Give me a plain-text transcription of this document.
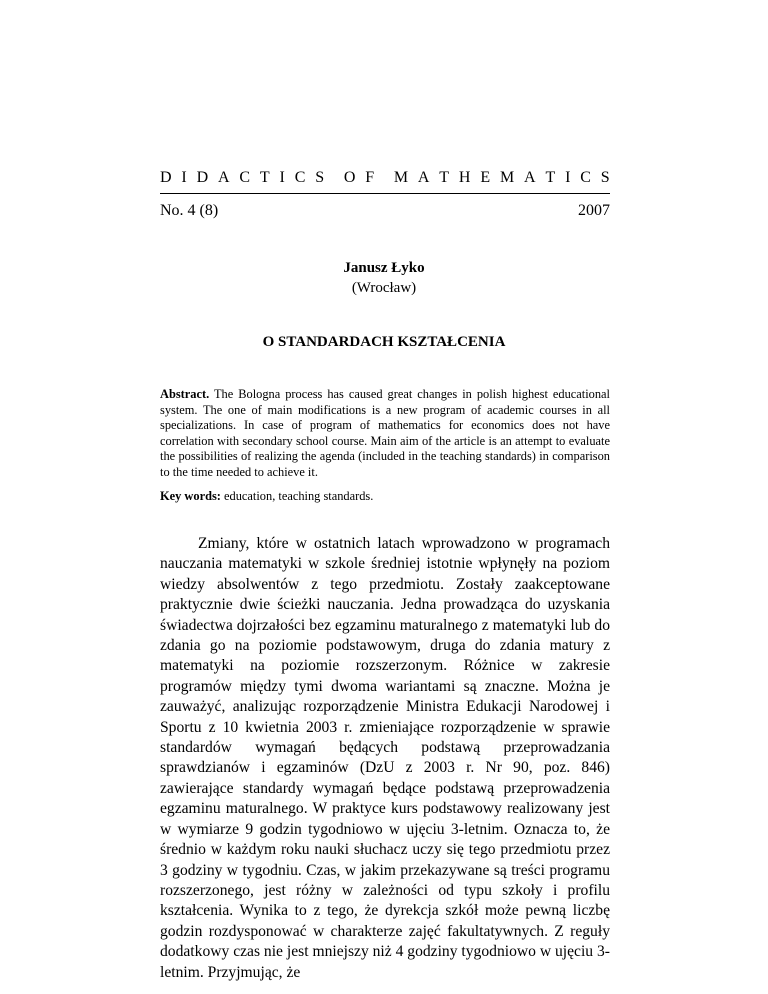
D I D A C T I C S O F M A T H E M A T I C S
No. 4 (8)	2007
Janusz Łyko
(Wrocław)
O STANDARDACH KSZTAŁCENIA

Abstract. The Bologna process has caused great changes in polish highest educational system. The one of main modifications is a new program of academic courses in all specializations. In case of program of mathematics for economics does not have correlation with secondary school course. Main aim of the article is an attempt to evaluate the possibilities of realizing the agenda (included in the teaching standards) in comparison to the time needed to achieve it.

Key words: education, teaching standards.

Zmiany, które w ostatnich latach wprowadzono w programach nauczania matematyki w szkole średniej istotnie wpłynęły na poziom wiedzy absolwentów z tego przedmiotu. Zostały zaakceptowane praktycznie dwie ścieżki nauczania. Jedna prowadząca do uzyskania świadectwa dojrzałości bez egzaminu maturalnego z matematyki lub do zdania go na poziomie podstawowym, druga do zdania matury z matematyki na poziomie rozszerzonym. Różnice w zakresie programów między tymi dwoma wariantami są znaczne. Można je zauważyć, analizując rozporządzenie Ministra Edukacji Narodowej i Sportu z 10 kwietnia 2003 r. zmieniające rozporządzenie w sprawie standardów wymagań będących podstawą przeprowadzania sprawdzianów i egzaminów (DzU z 2003 r. Nr 90, poz. 846) zawierające standardy wymagań będące podstawą przeprowadzenia egzaminu maturalnego. W praktyce kurs podstawowy realizowany jest w wymiarze 9 godzin tygodniowo w ujęciu 3-letnim. Oznacza to, że średnio w każdym roku nauki słuchacz uczy się tego przedmiotu przez 3 godziny w tygodniu. Czas, w jakim przekazywane są treści programu rozszerzonego, jest różny w zależności od typu szkoły i profilu kształcenia. Wynika to z tego, że dyrekcja szkół może pewną liczbę godzin rozdysponować w charakterze zajęć fakultatywnych. Z reguły dodatkowy czas nie jest mniejszy niż 4 godziny tygodniowo w ujęciu 3-letnim. Przyjmując, że
